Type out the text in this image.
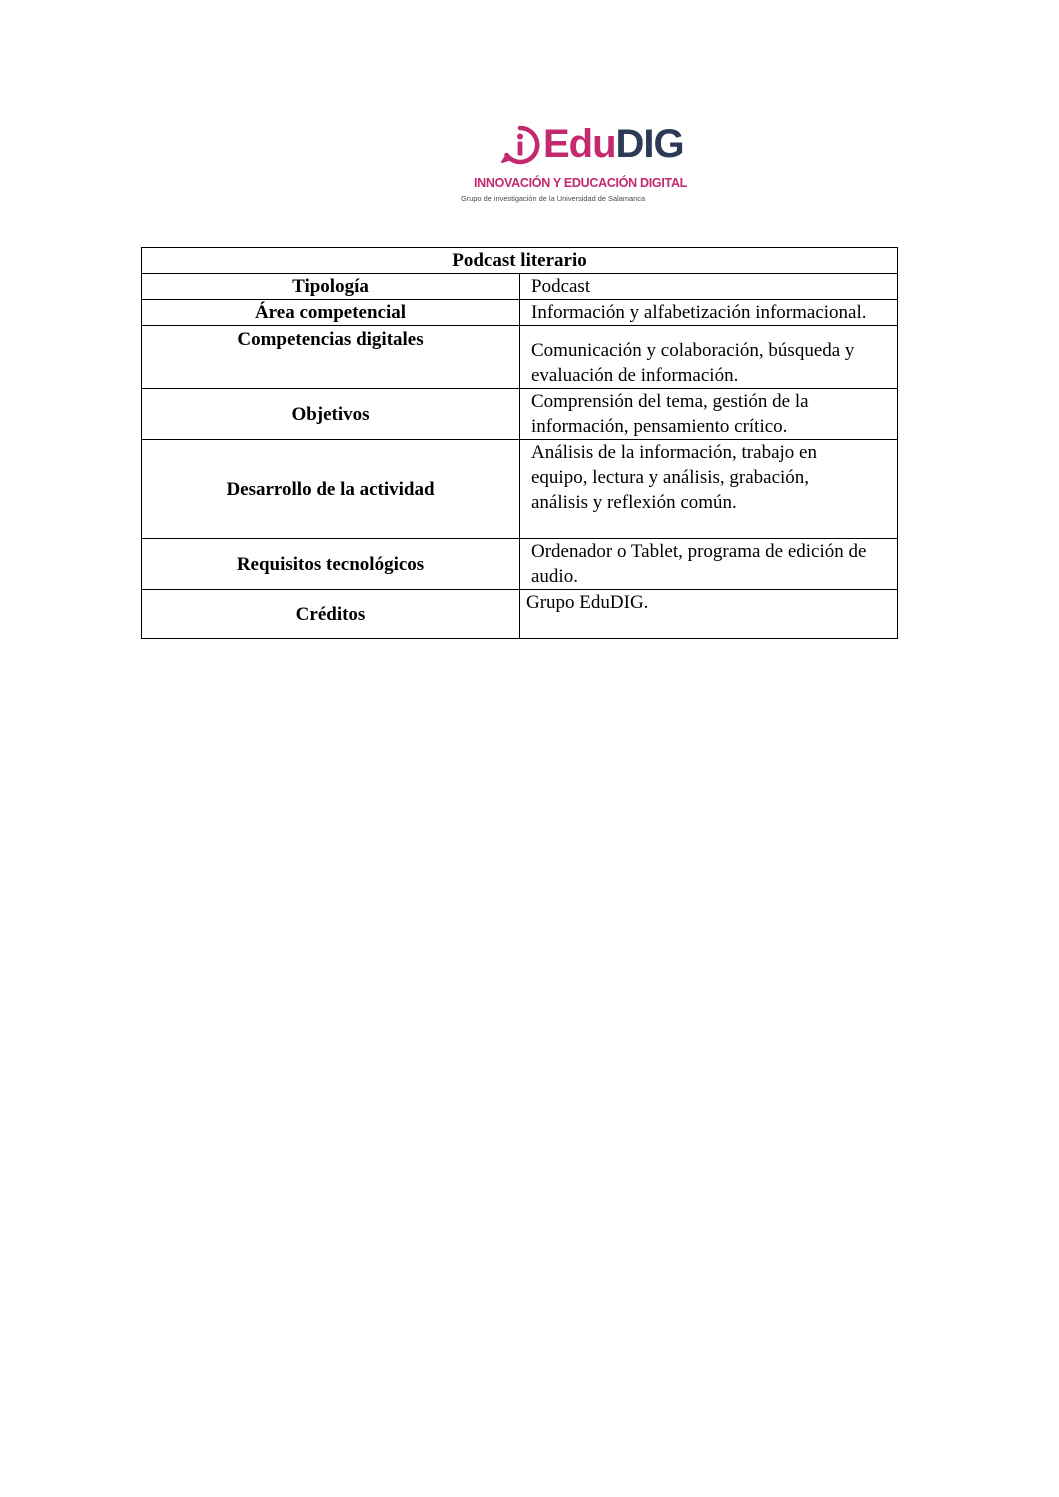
EduDIG
INNOVACIÓN Y EDUCACIÓN DIGITAL
Grupo de investigación de la Universidad de Salamanca
Podcast literario	
Tipología	Podcast
Área competencial	Información y alfabetización informacional.
Competencias digitales	Comunicación y colaboración, búsqueda y evaluación de información.
Objetivos	Comprensión del tema, gestión de la información, pensamiento crítico.
Desarrollo de la actividad	Análisis de la información, trabajo en equipo, lectura y análisis, grabación, análisis y reflexión común.
Requisitos tecnológicos	Ordenador o Tablet, programa de edición de audio.
Créditos	Grupo EduDIG.
